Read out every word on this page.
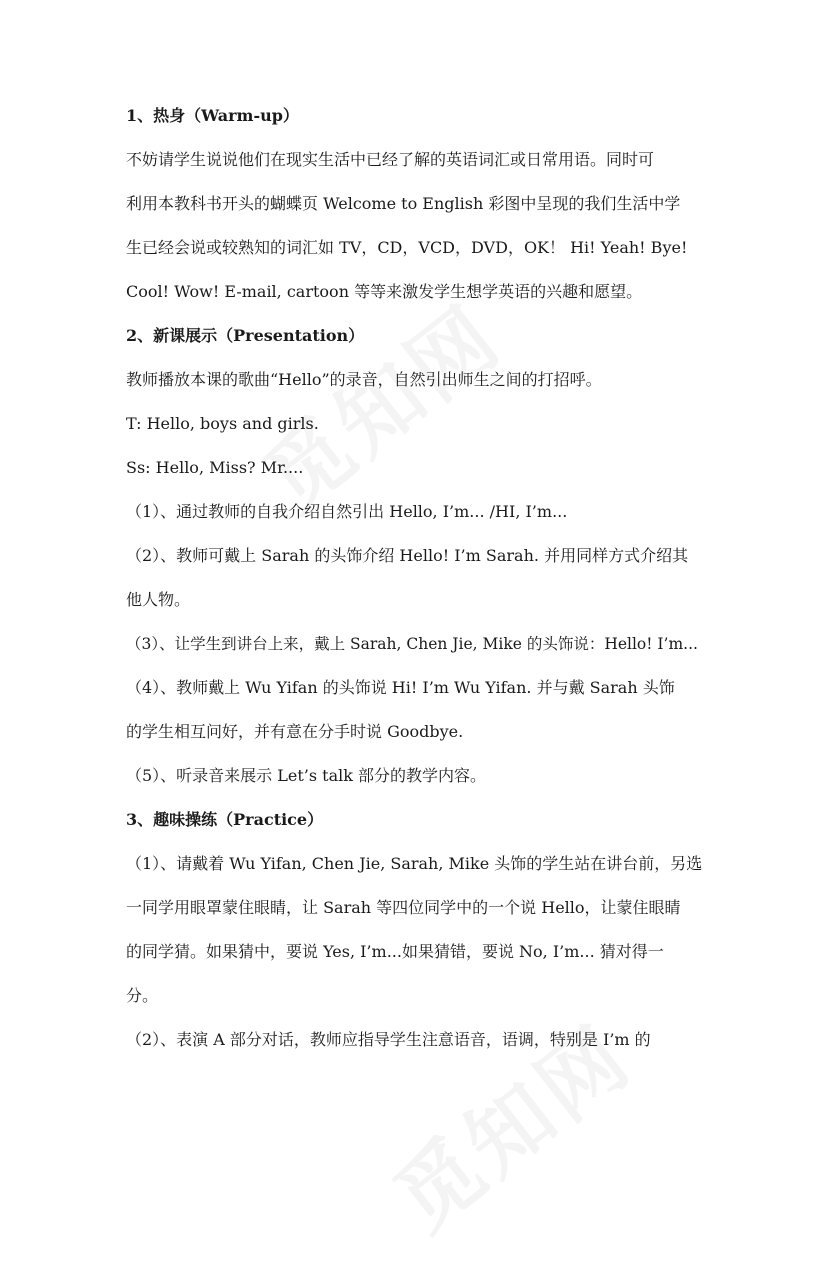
1、热身（Warm-up）
不妨请学生说说他们在现实生活中已经了解的英语词汇或日常用语。同时可
利用本教科书开头的蝴蝶页 Welcome to English 彩图中呈现的我们生活中学
生已经会说或较熟知的词汇如 TV，CD，VCD，DVD，OK！ Hi! Yeah! Bye!
Cool! Wow! E-mail, cartoon 等等来激发学生想学英语的兴趣和愿望。
2、新课展示（Presentation）
教师播放本课的歌曲“Hello”的录音，自然引出师生之间的打招呼。
T: Hello, boys and girls.
Ss: Hello, Miss? Mr....
（1）、通过教师的自我介绍自然引出 Hello, I’m... /HI, I’m...
（2）、教师可戴上 Sarah 的头饰介绍 Hello! I’m Sarah. 并用同样方式介绍其
他人物。
（3）、让学生到讲台上来，戴上 Sarah, Chen Jie, Mike 的头饰说：Hello! I’m...
（4）、教师戴上 Wu Yifan 的头饰说 Hi! I’m Wu Yifan. 并与戴 Sarah 头饰
的学生相互问好，并有意在分手时说 Goodbye.
（5）、听录音来展示 Let’s talk 部分的教学内容。
3、趣味操练（Practice）
（1）、请戴着 Wu Yifan, Chen Jie, Sarah, Mike 头饰的学生站在讲台前，另选
一同学用眼罩蒙住眼睛，让 Sarah 等四位同学中的一个说 Hello，让蒙住眼睛
的同学猜。如果猜中，要说 Yes, I’m...如果猜错，要说 No, I’m... 猜对得一
分。
（2）、表演 A 部分对话，教师应指导学生注意语音，语调，特别是 I’m 的
